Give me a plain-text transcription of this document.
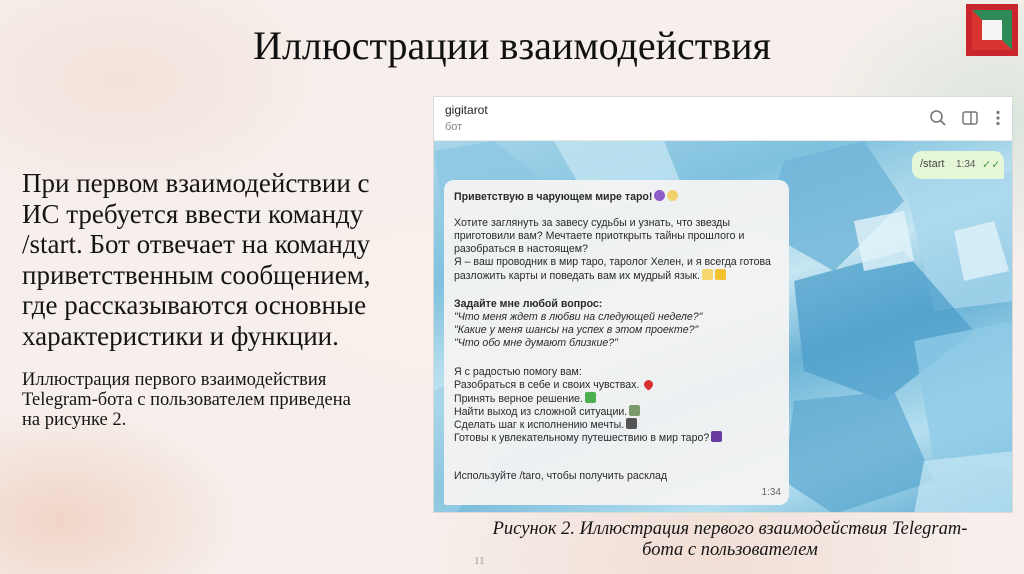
Иллюстрации взаимодействия
При первом взаимодействии с
ИС требуется ввести команду
/start. Бот отвечает на команду
приветственным сообщением,
где рассказываются основные
характеристики и функции.
Иллюстрация первого взаимодействия
Telegram-бота с пользователем приведена
на рисунке 2.
gigitarot
бот
/start 1:34 ✓✓
Приветствую в чарующем мире таро!
Хотите заглянуть за завесу судьбы и узнать, что звезды
приготовили вам? Мечтаете приоткрыть тайны прошлого и
разобраться в настоящем?
Я – ваш проводник в мир таро, таролог Хелен, и я всегда готова
разложить карты и поведать вам их мудрый язык.
Задайте мне любой вопрос:
"Что меня ждет в любви на следующей неделе?"
"Какие у меня шансы на успех в этом проекте?"
"Что обо мне думают близкие?"
Я с радостью помогу вам:
Разобраться в себе и своих чувствах.
Принять верное решение.
Найти выход из сложной ситуации.
Сделать шаг к исполнению мечты.
Готовы к увлекательному путешествию в мир таро?
Используйте /taro, чтобы получить расклад
1:34
Рисунок 2. Иллюстрация первого взаимодействия Telegram-
бота с пользователем
11
